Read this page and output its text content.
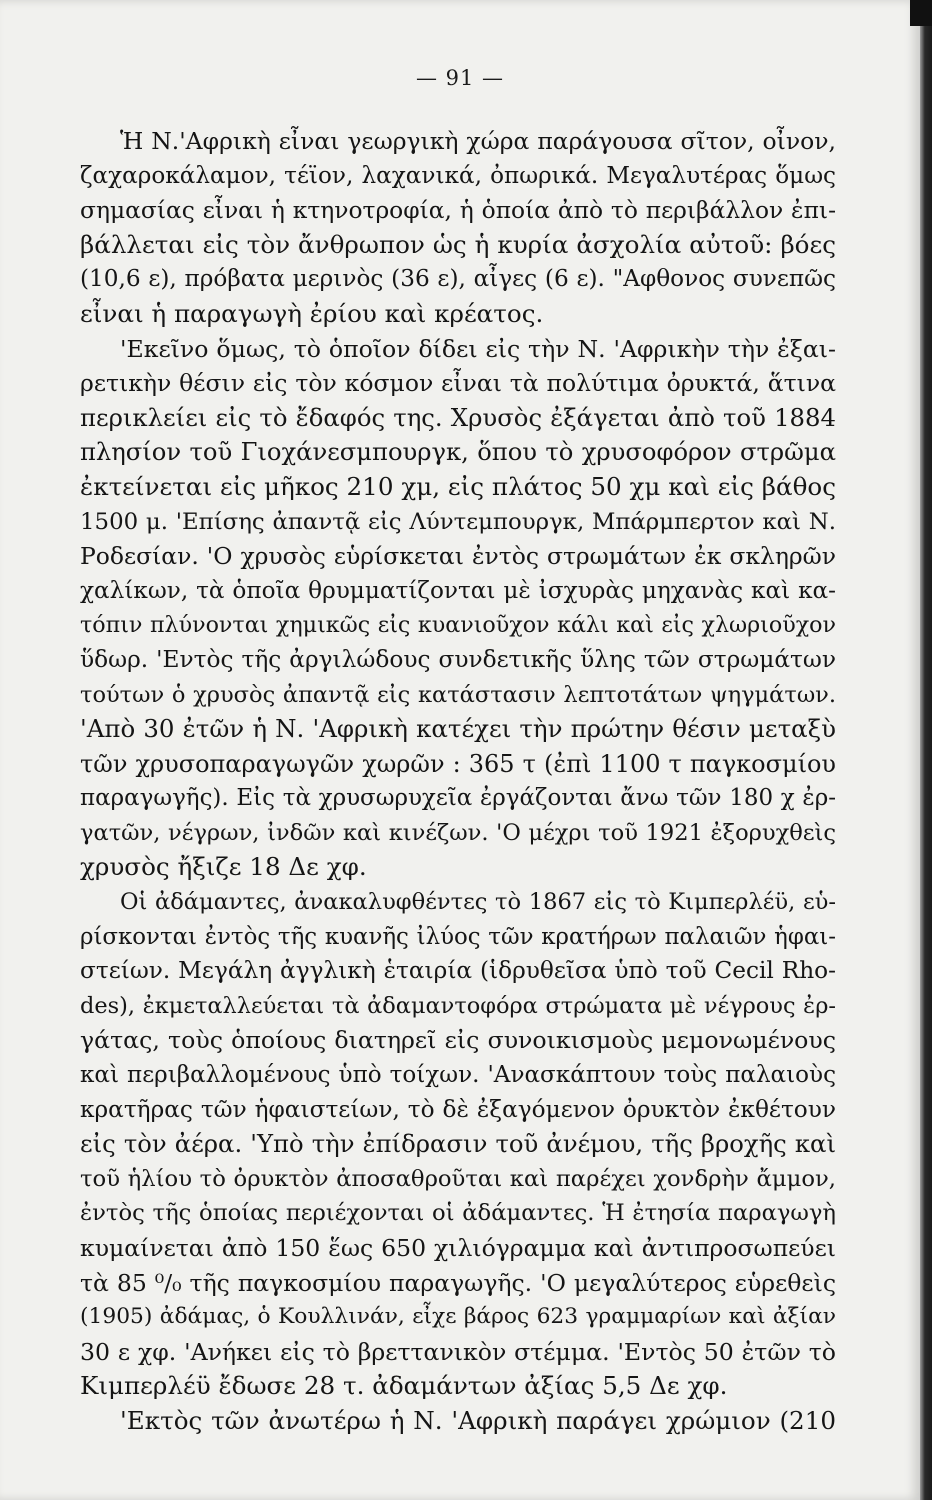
— 91 —
Ἡ Ν.'Αφρικὴ εἶναι γεωργικὴ χώρα παράγουσα σῖτον, οἶνον,
ζαχαροκάλαμον, τέϊον, λαχανικά, ὀπωρικά. Μεγαλυτέρας ὅμως
σημασίας εἶναι ἡ κτηνοτροφία, ἡ ὁποία ἀπὸ τὸ περιβάλλον ἐπι-
βάλλεται εἰς τὸν ἄνθρωπον ὡς ἡ κυρία ἀσχολία αὐτοῦ: βόες
(10,6 ε), πρόβατα μερινὸς (36 ε), αἶγες (6 ε). "Αφθονος συνεπῶς
εἶναι ἡ παραγωγὴ ἐρίου καὶ κρέατος.
'Εκεῖνο ὅμως, τὸ ὁποῖον δίδει εἰς τὴν Ν. 'Αφρικὴν τὴν ἐξαι-
ρετικὴν θέσιν εἰς τὸν κόσμον εἶναι τὰ πολύτιμα ὀρυκτά, ἅτινα
περικλείει εἰς τὸ ἔδαφός της. Χρυσὸς ἐξάγεται ἀπὸ τοῦ 1884
πλησίον τοῦ Γιοχάνεσμπουργκ, ὅπου τὸ χρυσοφόρον στρῶμα
ἐκτείνεται εἰς μῆκος 210 χμ, εἰς πλάτος 50 χμ καὶ εἰς βάθος
1500 μ. 'Επίσης ἀπαντᾷ εἰς Λύντεμπουργκ, Μπάρμπερτον καὶ Ν.
Ροδεσίαν. 'Ο χρυσὸς εὑρίσκεται ἐντὸς στρωμάτων ἐκ σκληρῶν
χαλίκων, τὰ ὁποῖα θρυμματίζονται μὲ ἰσχυρὰς μηχανὰς καὶ κα-
τόπιν πλύνονται χημικῶς εἰς κυανιοῦχον κάλι καὶ εἰς χλωριοῦχον
ὕδωρ. 'Εντὸς τῆς ἀργιλώδους συνδετικῆς ὕλης τῶν στρωμάτων
τούτων ὁ χρυσὸς ἀπαντᾷ εἰς κατάστασιν λεπτοτάτων ψηγμάτων.
'Απὸ 30 ἐτῶν ἡ Ν. 'Αφρικὴ κατέχει τὴν πρώτην θέσιν μεταξὺ
τῶν χρυσοπαραγωγῶν χωρῶν : 365 τ (ἐπὶ 1100 τ παγκοσμίου
παραγωγῆς). Εἰς τὰ χρυσωρυχεῖα ἐργάζονται ἄνω τῶν 180 χ ἐρ-
γατῶν, νέγρων, ἰνδῶν καὶ κινέζων. 'Ο μέχρι τοῦ 1921 ἐξορυχθεὶς
χρυσὸς ἤξιζε 18 Δε χφ.
Οἱ ἀδάμαντες, ἀνακαλυφθέντες τὸ 1867 εἰς τὸ Κιμπερλέϋ, εὑ-
ρίσκονται ἐντὸς τῆς κυανῆς ἰλύος τῶν κρατήρων παλαιῶν ἡφαι-
στείων. Μεγάλη ἀγγλικὴ ἑταιρία (ἱδρυθεῖσα ὑπὸ τοῦ Cecil Rho-
des), ἐκμεταλλεύεται τὰ ἀδαμαντοφόρα στρώματα μὲ νέγρους ἐρ-
γάτας, τοὺς ὁποίους διατηρεῖ εἰς συνοικισμοὺς μεμονωμένους
καὶ περιβαλλομένους ὑπὸ τοίχων. 'Ανασκάπτουν τοὺς παλαιοὺς
κρατῆρας τῶν ἡφαιστείων, τὸ δὲ ἐξαγόμενον ὀρυκτὸν ἐκθέτουν
εἰς τὸν ἀέρα. 'Υπὸ τὴν ἐπίδρασιν τοῦ ἀνέμου, τῆς βροχῆς καὶ
τοῦ ἡλίου τὸ ὀρυκτὸν ἀποσαθροῦται καὶ παρέχει χονδρὴν ἄμμον,
ἐντὸς τῆς ὁποίας περιέχονται οἱ ἀδάμαντες. Ἡ ἐτησία παραγωγὴ
κυμαίνεται ἀπὸ 150 ἕως 650 χιλιόγραμμα καὶ ἀντιπροσωπεύει
τὰ 85 ⁰/₀ τῆς παγκοσμίου παραγωγῆς. 'Ο μεγαλύτερος εὑρεθεὶς
(1905) ἀδάμας, ὁ Κουλλινάν, εἶχε βάρος 623 γραμμαρίων καὶ ἀξίαν
30 ε χφ. 'Ανήκει εἰς τὸ βρεττανικὸν στέμμα. 'Εντὸς 50 ἐτῶν τὸ
Κιμπερλέϋ ἔδωσε 28 τ. ἀδαμάντων ἀξίας 5,5 Δε χφ.
'Εκτὸς τῶν ἀνωτέρω ἡ Ν. 'Αφρικὴ παράγει χρώμιον (210
